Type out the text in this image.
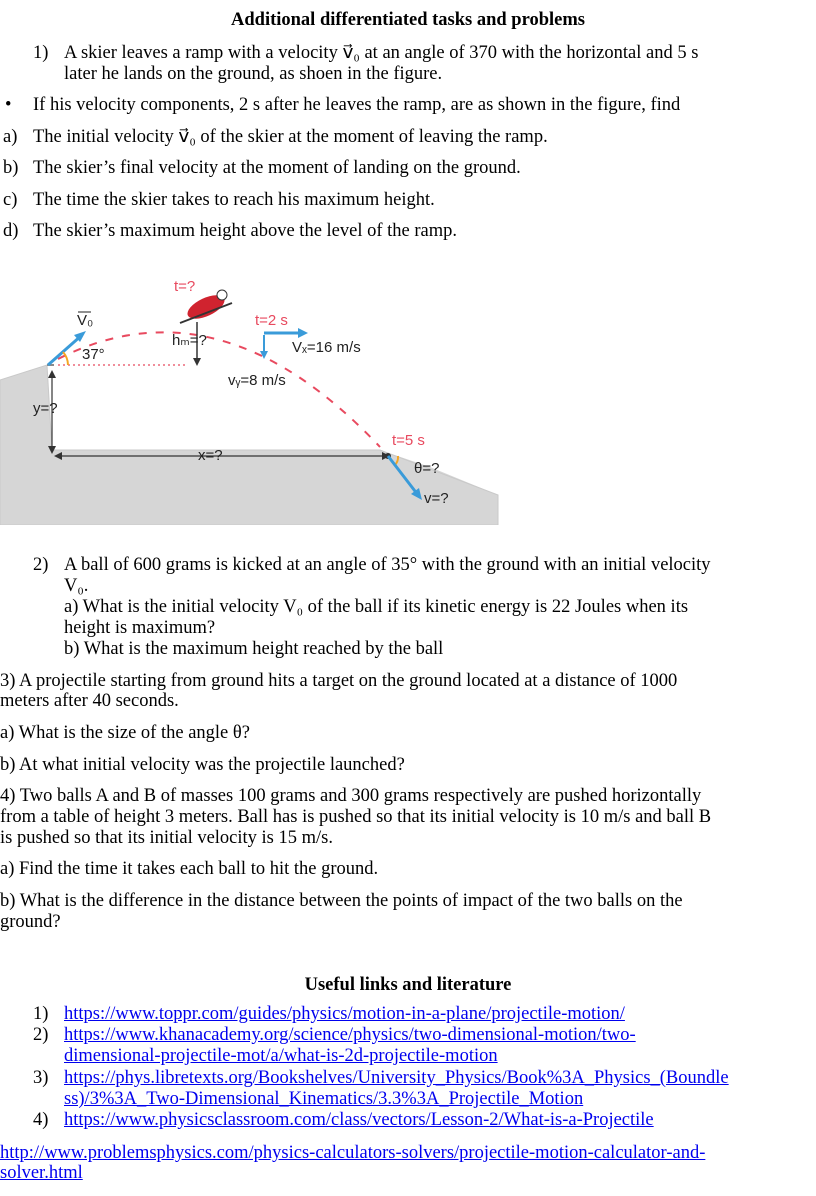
Additional differentiated tasks and problems
1) A skier leaves a ramp with a velocity v⃗₀ at an angle of 370 with the horizontal and 5 s
later he lands on the ground, as shoen in the figure.
• If his velocity components, 2 s after he leaves the ramp, are as shown in the figure, find
a) The initial velocity v⃗₀ of the skier at the moment of leaving the ramp.
b) The skier’s final velocity at the moment of landing on the ground.
c) The time the skier takes to reach his maximum height.
d) The skier’s maximum height above the level of the ramp.
V₀
37°
t=?
hₘ=?
t=2 s
Vₓ=16 m/s
vᵧ=8 m/s
y=?
x=?
t=5 s
θ=?
v=?
2) A ball of 600 grams is kicked at an angle of 35° with the ground with an initial velocity
V₀.
a) What is the initial velocity V₀ of the ball if its kinetic energy is 22 Joules when its
height is maximum?
b) What is the maximum height reached by the ball
3) A projectile starting from ground hits a target on the ground located at a distance of 1000
meters after 40 seconds.
a) What is the size of the angle θ?
b) At what initial velocity was the projectile launched?
4) Two balls A and B of masses 100 grams and 300 grams respectively are pushed horizontally
from a table of height 3 meters. Ball has is pushed so that its initial velocity is 10 m/s and ball B
is pushed so that its initial velocity is 15 m/s.
a) Find the time it takes each ball to hit the ground.
b) What is the difference in the distance between the points of impact of the two balls on the
ground?
Useful links and literature
1) https://www.toppr.com/guides/physics/motion-in-a-plane/projectile-motion/
2) https://www.khanacademy.org/science/physics/two-dimensional-motion/two-
dimensional-projectile-mot/a/what-is-2d-projectile-motion
3) https://phys.libretexts.org/Bookshelves/University_Physics/Book%3A_Physics_(Boundle
ss)/3%3A_Two-Dimensional_Kinematics/3.3%3A_Projectile_Motion
4) https://www.physicsclassroom.com/class/vectors/Lesson-2/What-is-a-Projectile
http://www.problemsphysics.com/physics-calculators-solvers/projectile-motion-calculator-and-
solver.html
